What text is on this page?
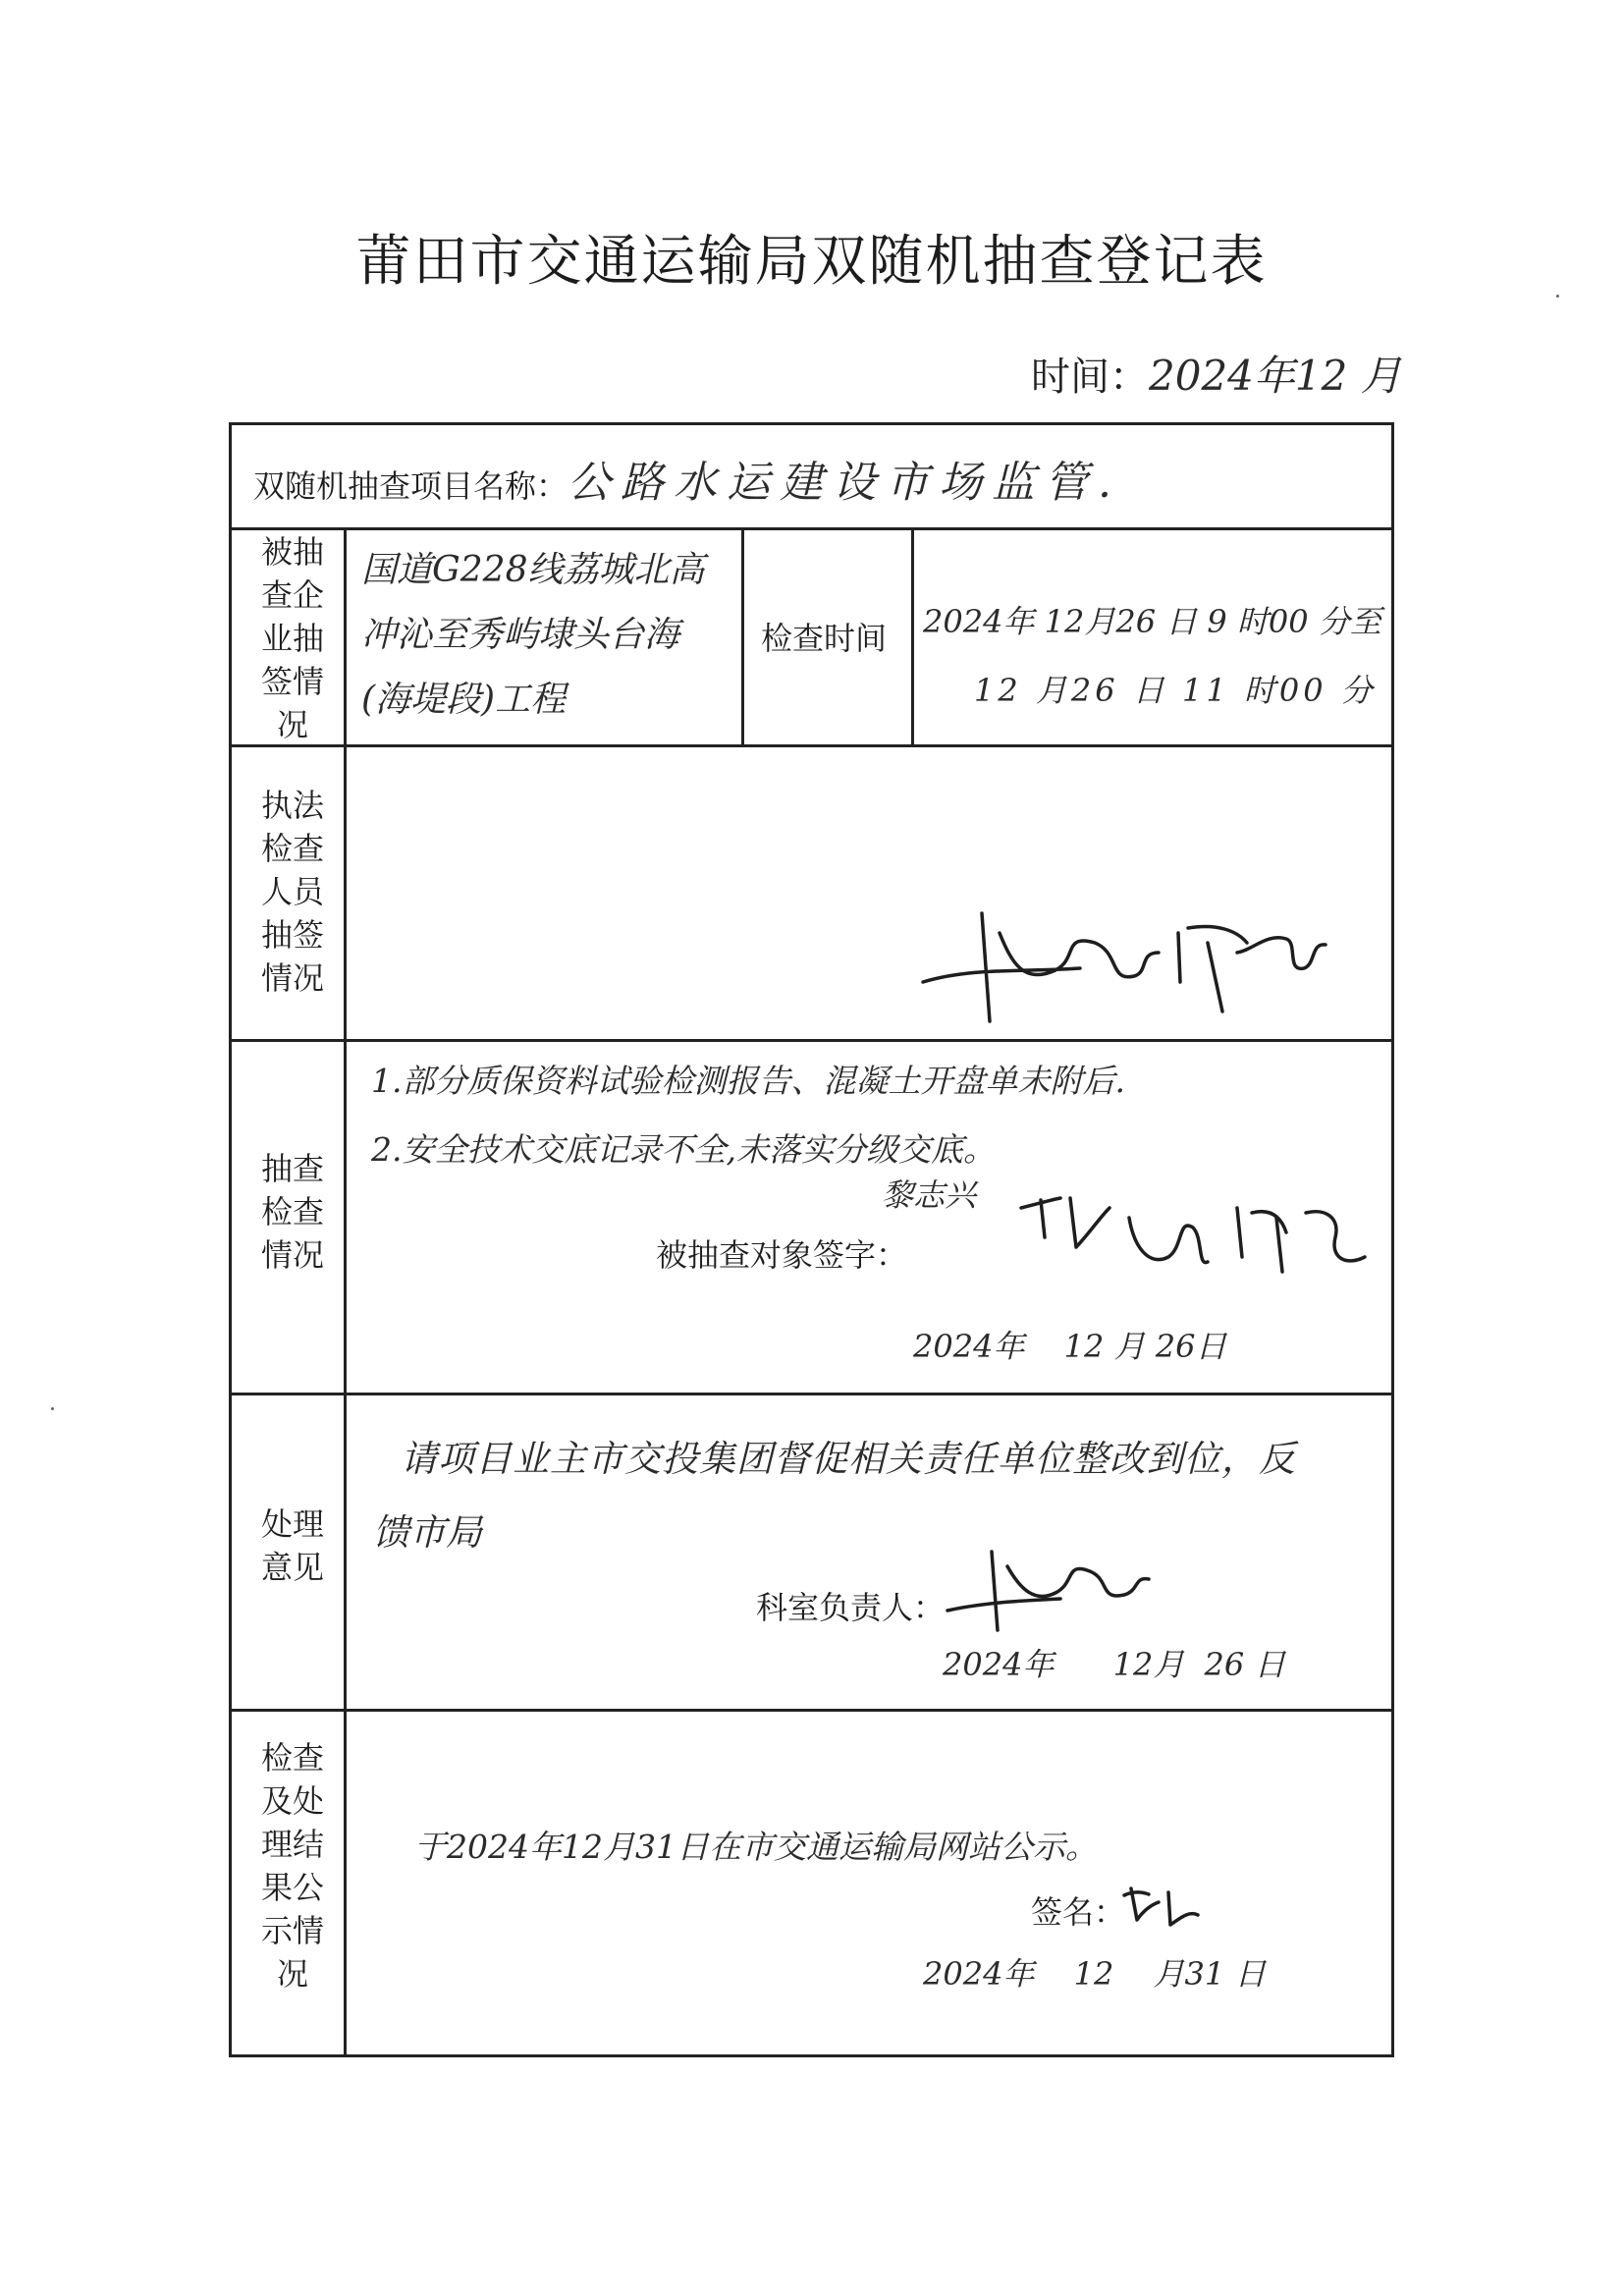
莆田市交通运输局双随机抽查登记表
时间：2024年12 月
双随机抽查项目名称：公路水运建设市场监管.
被抽查企业抽签情况
国道G228线荔城北高
冲沁至秀屿埭头台海
(海堤段)工程
检查时间 2024年 12月26 日 9 时00 分至
12 月26 日 11 时00 分
执法检查人员抽签情况
抽查检查情况
1.部分质保资料试验检测报告、混凝土开盘单未附后.
2.安全技术交底记录不全,未落实分级交底。
黎志兴
被抽查对象签字：
2024年 12 月 26日
处理意见
请项目业主市交投集团督促相关责任单位整改到位，反
馈市局
科室负责人：
2024年 12月 26 日
检查及处理结果公示情况
于2024年12月31日在市交通运输局网站公示。
签名：
2024年 12 月31 日
